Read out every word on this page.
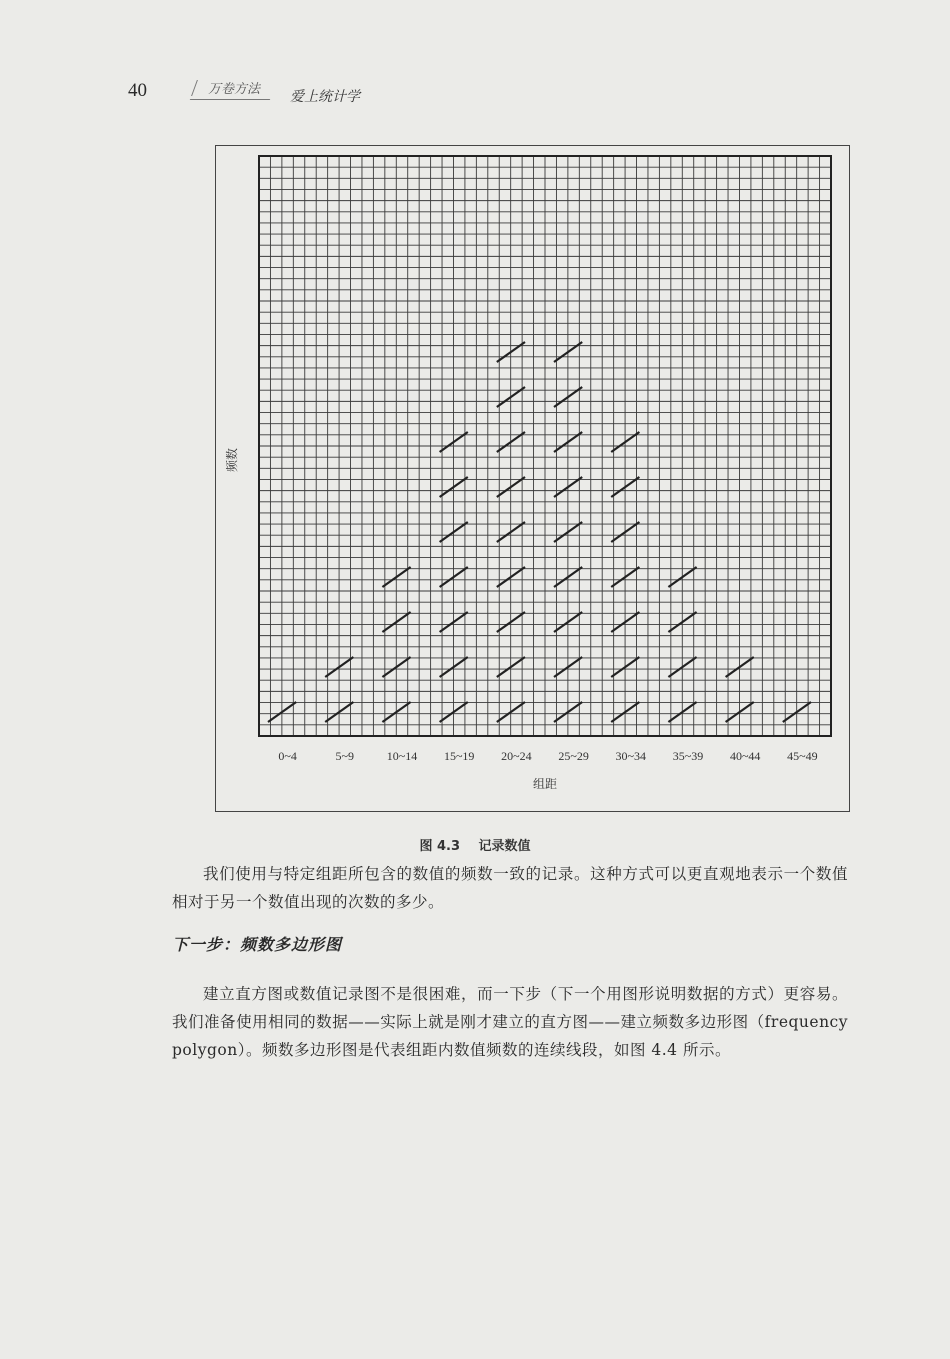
40	万卷方法 爱上统计学
0~4	5~9	10~14 15~19 20~24 25~29 30~34 35~39 40~44 45~49
组距
频数
图 4.3 记录数值

我们使用与特定组距所包含的数值的频数一致的记录。这种方式可以更直观地表示一个数值相对于另一个数值出现的次数的多少。

下一步：频数多边形图

建立直方图或数值记录图不是很困难，而一下步（下一个用图形说明数据的方式）更容易。我们准备使用相同的数据——实际上就是刚才建立的直方图——建立频数多边形图（frequency polygon）。频数多边形图是代表组距内数值频数的连续线段，如图 4.4 所示。
